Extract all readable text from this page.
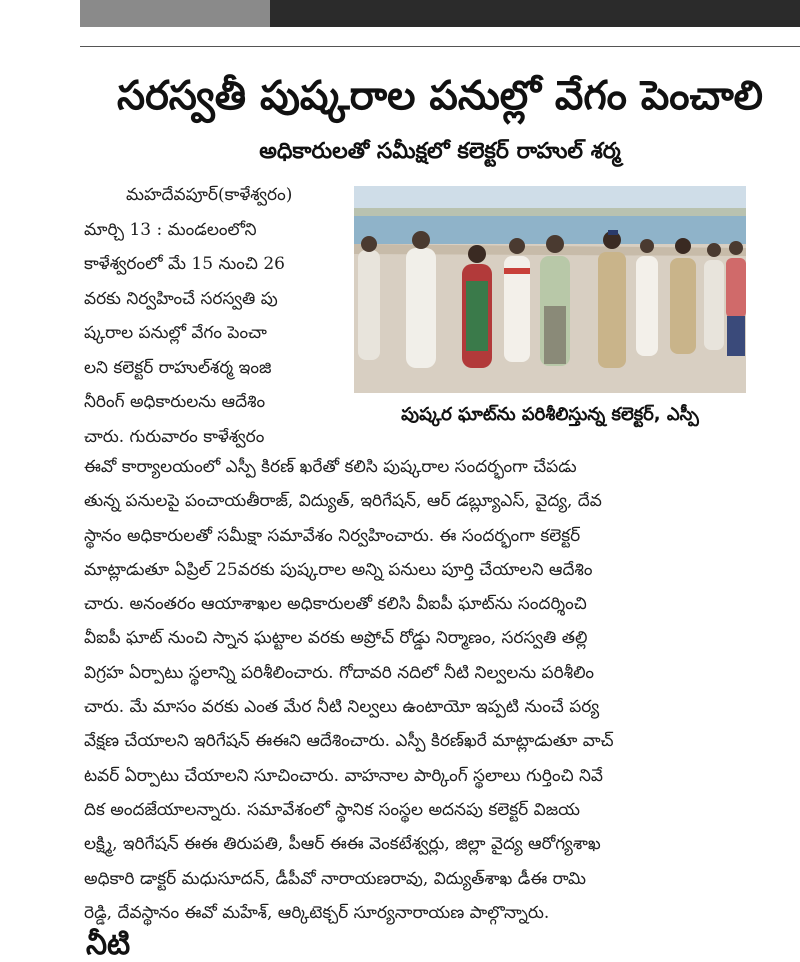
సరస్వతీ పుష్కరాల పనుల్లో వేగం పెంచాలి
అధికారులతో సమీక్షలో కలెక్టర్ రాహుల్ శర్మ
పుష్కర ఘాట్‌ను పరిశీలిస్తున్న కలెక్టర్, ఎస్పీ
మహదేవపూర్(కాళేశ్వరం)
మార్చి 13 : మండలంలోని
కాళేశ్వరంలో మే 15 నుంచి 26
వరకు నిర్వహించే సరస్వతి పు
ష్కరాల పనుల్లో వేగం పెంచా
లని కలెక్టర్ రాహుల్‌శర్మ ఇంజి
నీరింగ్ అధికారులను ఆదేశిం
చారు. గురువారం కాళేశ్వరం
ఈవో కార్యాలయంలో ఎస్పీ కిరణ్ ఖరేతో కలిసి పుష్కరాల సందర్భంగా చేపడు
తున్న పనులపై పంచాయతీరాజ్, విద్యుత్, ఇరిగేషన్, ఆర్ డబ్ల్యూఎస్, వైద్య, దేవ
స్థానం అధికారులతో సమీక్షా సమావేశం నిర్వహించారు. ఈ సందర్భంగా కలెక్టర్
మాట్లాడుతూ ఏప్రిల్ 25వరకు పుష్కరాల అన్ని పనులు పూర్తి చేయాలని ఆదేశిం
చారు. అనంతరం ఆయాశాఖల అధికారులతో కలిసి వీఐపీ ఘాట్‌ను సందర్శించి
వీఐపీ ఘాట్ నుంచి స్నాన ఘట్టాల వరకు అప్రోచ్ రోడ్డు నిర్మాణం, సరస్వతి తల్లి
విగ్రహ ఏర్పాటు స్థలాన్ని పరిశీలించారు. గోదావరి నదిలో నీటి నిల్వలను పరిశీలిం
చారు. మే మాసం వరకు ఎంత మేర నీటి నిల్వలు ఉంటాయో ఇప్పటి నుంచే పర్య
వేక్షణ చేయాలని ఇరిగేషన్ ఈఈని ఆదేశించారు. ఎస్పీ కిరణ్‌ఖరే మాట్లాడుతూ వాచ్
టవర్ ఏర్పాటు చేయాలని సూచించారు. వాహనాల పార్కింగ్ స్థలాలు గుర్తించి నివే
దిక అందజేయాలన్నారు. సమావేశంలో స్థానిక సంస్థల అదనపు కలెక్టర్ విజయ
లక్ష్మి, ఇరిగేషన్ ఈఈ తిరుపతి, పీఆర్ ఈఈ వెంకటేశ్వర్లు, జిల్లా వైద్య ఆరోగ్యశాఖ
అధికారి డాక్టర్ మధుసూదన్, డీపీవో నారాయణరావు, విద్యుత్‌శాఖ డీఈ రామి
రెడ్డి, దేవస్థానం ఈవో మహేశ్, ఆర్కిటెక్చర్ సూర్యనారాయణ పాల్గొన్నారు.
నీటి
